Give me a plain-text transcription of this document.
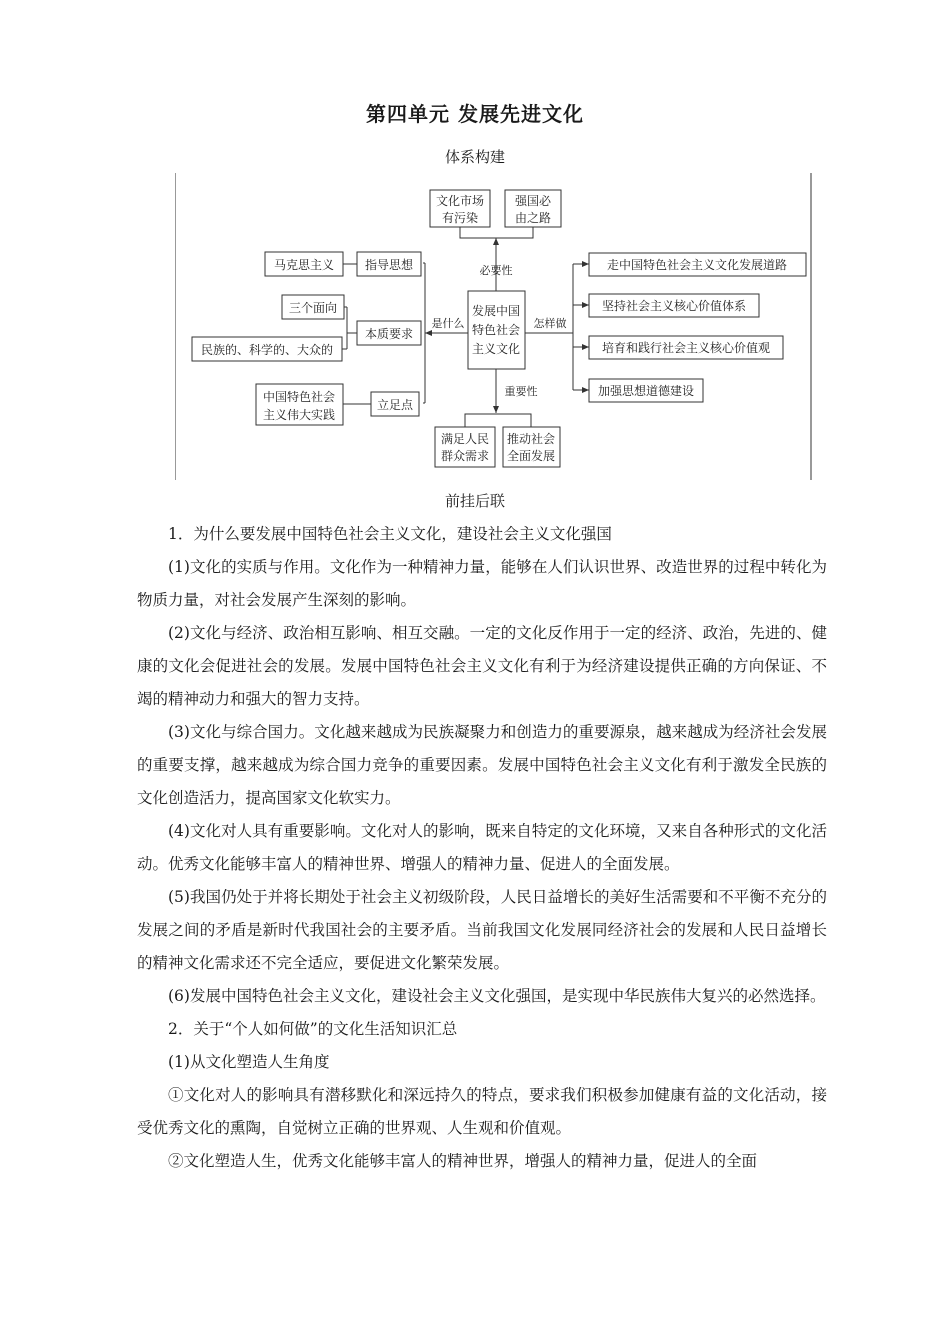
第四单元 发展先进文化
体系构建
发展中国
特色社会
主义文化
必要性
文化市场
有污染
强国必
由之路
是什么
指导思想
马克思主义
本质要求
三个面向
民族的、科学的、大众的
立足点
中国特色社会
主义伟大实践
怎样做
走中国特色社会主义文化发展道路
坚持社会主义核心价值体系
培育和践行社会主义核心价值观
加强思想道德建设
重要性
满足人民
群众需求
推动社会
全面发展
前挂后联

1．为什么要发展中国特色社会主义文化，建设社会主义文化强国

(1)文化的实质与作用。文化作为一种精神力量，能够在人们认识世界、改造世界的过程中转化为物质力量，对社会发展产生深刻的影响。

(2)文化与经济、政治相互影响、相互交融。一定的文化反作用于一定的经济、政治，先进的、健康的文化会促进社会的发展。发展中国特色社会主义文化有利于为经济建设提供正确的方向保证、不竭的精神动力和强大的智力支持。

(3)文化与综合国力。文化越来越成为民族凝聚力和创造力的重要源泉，越来越成为经济社会发展的重要支撑，越来越成为综合国力竞争的重要因素。发展中国特色社会主义文化有利于激发全民族的文化创造活力，提高国家文化软实力。

(4)文化对人具有重要影响。文化对人的影响，既来自特定的文化环境，又来自各种形式的文化活动。优秀文化能够丰富人的精神世界、增强人的精神力量、促进人的全面发展。

(5)我国仍处于并将长期处于社会主义初级阶段，人民日益增长的美好生活需要和不平衡不充分的发展之间的矛盾是新时代我国社会的主要矛盾。当前我国文化发展同经济社会的发展和人民日益增长的精神文化需求还不完全适应，要促进文化繁荣发展。

(6)发展中国特色社会主义文化，建设社会主义文化强国，是实现中华民族伟大复兴的必然选择。

2．关于“个人如何做”的文化生活知识汇总

(1)从文化塑造人生角度

①文化对人的影响具有潜移默化和深远持久的特点，要求我们积极参加健康有益的文化活动，接受优秀文化的熏陶，自觉树立正确的世界观、人生观和价值观。

②文化塑造人生，优秀文化能够丰富人的精神世界，增强人的精神力量，促进人的全面
